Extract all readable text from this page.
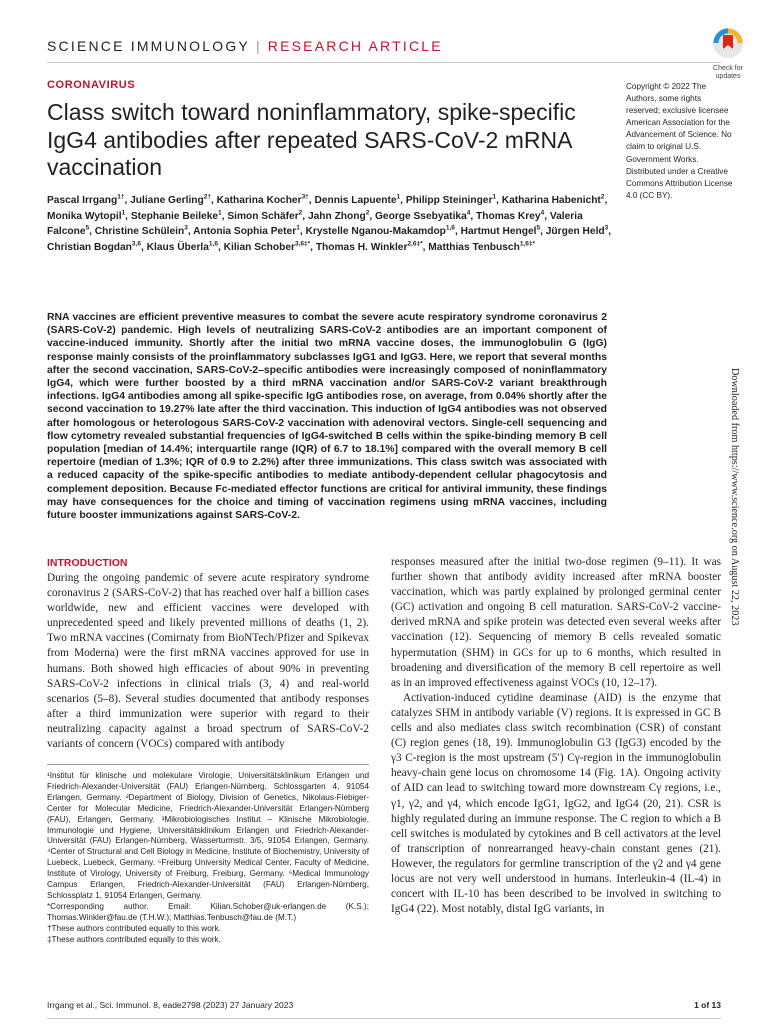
SCIENCE IMMUNOLOGY | RESEARCH ARTICLE
Check for
updates
CORONAVIRUS
Class switch toward noninflammatory, spike-specific IgG4 antibodies after repeated SARS-CoV-2 mRNA vaccination
Pascal Irrgang$^{1\dagger}$, Juliane Gerling$^{2\dagger}$, Katharina Kocher$^{3\dagger}$, Dennis Lapuente$^1$, Philipp Steininger$^1$, Katharina Habenicht$^2$, Monika Wytopil$^1$, Stephanie Beileke$^1$, Simon Schäfer$^2$, Jahn Zhong$^2$, George Ssebyatika$^4$, Thomas Krey$^4$, Valeria Falcone$^5$, Christine Schülein$^3$, Antonia Sophia Peter$^1$, Krystelle Nganou-Makamdop$^{1,6}$, Hartmut Hengel$^5$, Jürgen Held$^3$, Christian Bogdan$^{3,6}$, Klaus Überla$^{1,6}$, Kilian Schober$^{3,6\ddagger*}$, Thomas H. Winkler$^{2,6\ddagger*}$, Matthias Tenbusch$^{1,6\ddagger*}$
Copyright © 2022 The Authors, some rights reserved; exclusive licensee American Association for the Advancement of Science. No claim to original U.S. Government Works. Distributed under a Creative Commons Attribution License 4.0 (CC BY).
RNA vaccines are efficient preventive measures to combat the severe acute respiratory syndrome coronavirus 2 (SARS-CoV-2) pandemic. High levels of neutralizing SARS-CoV-2 antibodies are an important component of vaccine-induced immunity. Shortly after the initial two mRNA vaccine doses, the immunoglobulin G (IgG) response mainly consists of the proinflammatory subclasses IgG1 and IgG3. Here, we report that several months after the second vaccination, SARS-CoV-2–specific antibodies were increasingly composed of noninflammatory IgG4, which were further boosted by a third mRNA vaccination and/or SARS-CoV-2 variant breakthrough infections. IgG4 antibodies among all spike-specific IgG antibodies rose, on average, from 0.04% shortly after the second vaccination to 19.27% late after the third vaccination. This induction of IgG4 antibodies was not observed after homologous or heterologous SARS-CoV-2 vaccination with adenoviral vectors. Single-cell sequencing and flow cytometry revealed substantial frequencies of IgG4-switched B cells within the spike-binding memory B cell population [median of 14.4%; interquartile range (IQR) of 6.7 to 18.1%] compared with the overall memory B cell repertoire (median of 1.3%; IQR of 0.9 to 2.2%) after three immunizations. This class switch was associated with a reduced capacity of the spike-specific antibodies to mediate antibody-dependent cellular phagocytosis and complement deposition. Because Fc-mediated effector functions are critical for antiviral immunity, these findings may have consequences for the choice and timing of vaccination regimens using mRNA vaccines, including future booster immunizations against SARS-CoV-2.
INTRODUCTION
During the ongoing pandemic of severe acute respiratory syndrome coronavirus 2 (SARS-CoV-2) that has reached over half a billion cases worldwide, new and efficient vaccines were developed with unprecedented speed and likely prevented millions of deaths (1, 2). Two mRNA vaccines (Comirnaty from BioNTech/Pfizer and Spikevax from Moderna) were the first mRNA vaccines approved for use in humans. Both showed high efficacies of about 90% in preventing SARS-CoV-2 infections in clinical trials (3, 4) and real-world scenarios (5–8). Several studies documented that antibody responses after a third immunization were superior with regard to their neutralizing capacity against a broad spectrum of SARS-CoV-2 variants of concern (VOCs) compared with antibody

responses measured after the initial two-dose regimen (9–11). It was further shown that antibody avidity increased after mRNA booster vaccination, which was partly explained by prolonged germinal center (GC) activation and ongoing B cell maturation. SARS-CoV-2 vaccine-derived mRNA and spike protein was detected even several weeks after vaccination (12). Sequencing of memory B cells revealed somatic hypermutation (SHM) in GCs for up to 6 months, which resulted in broadening and diversification of the memory B cell repertoire as well as in an improved effectiveness against VOCs (10, 12–17).

Activation-induced cytidine deaminase (AID) is the enzyme that catalyzes SHM in antibody variable (V) regions. It is expressed in GC B cells and also mediates class switch recombination (CSR) of constant (C) region genes (18, 19). Immunoglobulin G3 (IgG3) encoded by the γ3 C-region is the most upstream (5′) Cγ-region in the immunoglobulin heavy-chain gene locus on chromosome 14 (Fig. 1A). Ongoing activity of AID can lead to switching toward more downstream Cγ regions, i.e., γ1, γ2, and γ4, which encode IgG1, IgG2, and IgG4 (20, 21). CSR is highly regulated during an immune response. The C region to which a B cell switches is modulated by cytokines and B cell activators at the level of transcription of nonrearranged heavy-chain constant genes (21). However, the regulators for germline transcription of the γ2 and γ4 gene locus are not very well understood in humans. Interleukin-4 (IL-4) in concert with IL-10 has been described to be involved in switching to IgG4 (22). Most notably, distal IgG variants, in

¹Institut für klinische und molekulare Virologie, Universitätsklinikum Erlangen und Friedrich-Alexander-Universität (FAU) Erlangen-Nürnberg, Schlossgarten 4, 91054 Erlangen, Germany. ²Department of Biology, Division of Genetics, Nikolaus-Fiebiger-Center for Molecular Medicine, Friedrich-Alexander-Universität Erlangen-Nürnberg (FAU), Erlangen, Germany. ³Mikrobiologisches Institut – Klinische Mikrobiologie, Immunologie und Hygiene, Universitätsklinikum Erlangen und Friedrich-Alexander-Universität (FAU) Erlangen-Nürnberg, Wasserturmstr. 3/5, 91054 Erlangen, Germany. ⁴Center of Structural and Cell Biology in Medicine, Institute of Biochemistry, University of Luebeck, Luebeck, Germany. ⁵Freiburg University Medical Center, Faculty of Medicine, Institute of Virology, University of Freiburg, Freiburg, Germany. ⁶Medical Immunology Campus Erlangen, Friedrich-Alexander-Universität (FAU) Erlangen-Nürnberg, Schlossplatz 1, 91054 Erlangen, Germany.

*Corresponding author. Email: Kilian.Schober@uk-erlangen.de (K.S.); Thomas.Winkler@fau.de (T.H.W.); Matthias.Tenbusch@fau.de (M.T.)

†These authors contributed equally to this work.

‡These authors contributed equally to this work.

Downloaded from https://www.science.org on August 22, 2023
Irrgang et al., Sci. Immunol. 8, eade2798 (2023) 27 January 2023	1 of 13
